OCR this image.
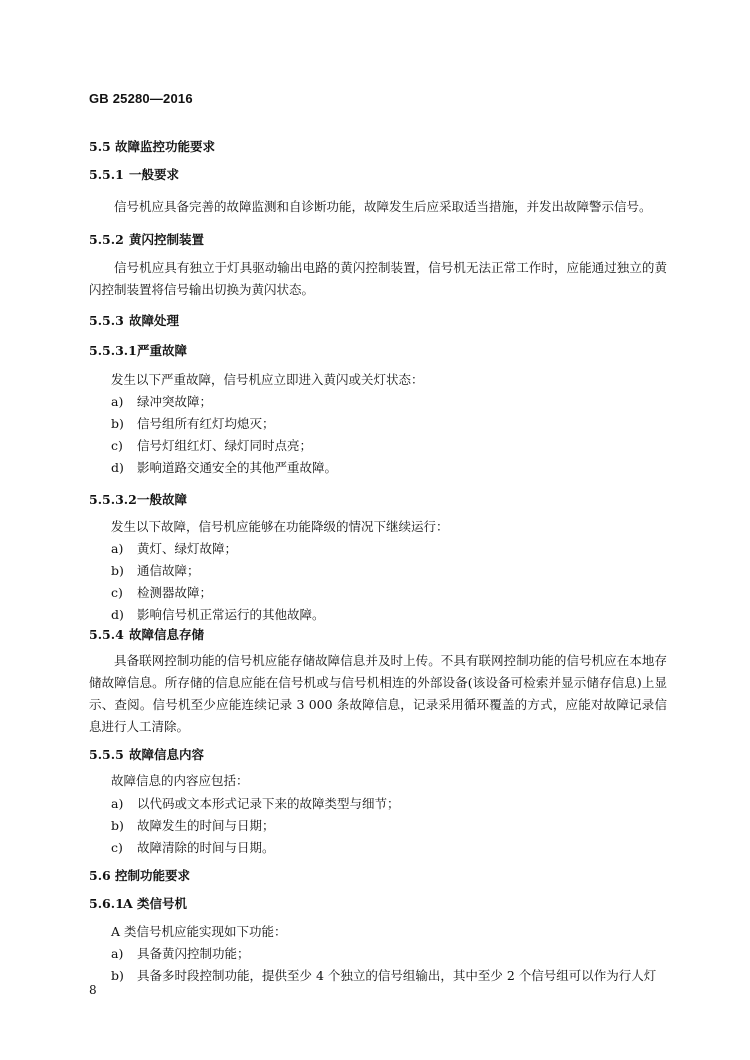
GB 25280—2016
5.5 故障监控功能要求
5.5.1 一般要求
信号机应具备完善的故障监测和自诊断功能，故障发生后应采取适当措施，并发出故障警示信号。
5.5.2 黄闪控制装置
信号机应具有独立于灯具驱动输出电路的黄闪控制装置，信号机无法正常工作时，应能通过独立的黄闪控制装置将信号输出切换为黄闪状态。
5.5.3 故障处理
5.5.3.1严重故障
发生以下严重故障，信号机应立即进入黄闪或关灯状态：
a) 绿冲突故障；
b) 信号组所有红灯均熄灭；
c) 信号灯组红灯、绿灯同时点亮；
d) 影响道路交通安全的其他严重故障。
5.5.3.2一般故障
发生以下故障，信号机应能够在功能降级的情况下继续运行：
a) 黄灯、绿灯故障；
b) 通信故障；
c) 检测器故障；
d) 影响信号机正常运行的其他故障。
5.5.4 故障信息存储
具备联网控制功能的信号机应能存储故障信息并及时上传。不具有联网控制功能的信号机应在本地存储故障信息。所存储的信息应能在信号机或与信号机相连的外部设备(该设备可检索并显示储存信息)上显示、查阅。信号机至少应能连续记录 3 000 条故障信息，记录采用循环覆盖的方式，应能对故障记录信息进行人工清除。
5.5.5 故障信息内容
故障信息的内容应包括：
a) 以代码或文本形式记录下来的故障类型与细节；
b) 故障发生的时间与日期；
c) 故障清除的时间与日期。
5.6 控制功能要求
5.6.1A 类信号机
A 类信号机应能实现如下功能：
a) 具备黄闪控制功能；
b) 具备多时段控制功能，提供至少 4 个独立的信号组输出，其中至少 2 个信号组可以作为行人灯
8
